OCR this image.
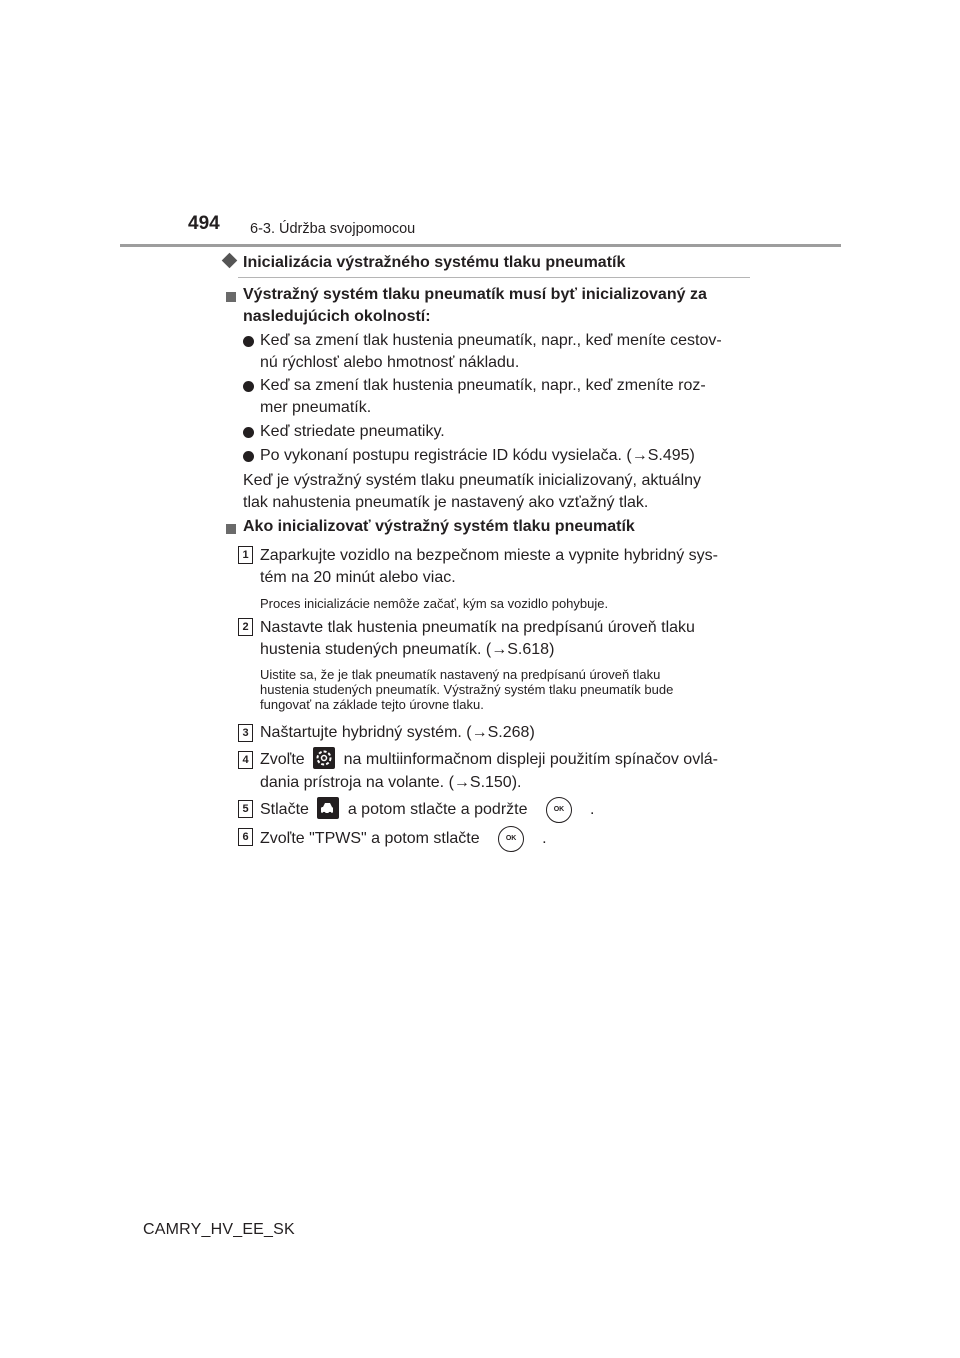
494 6-3. Údržba svojpomocou
Inicializácia výstražného systému tlaku pneumatík
Výstražný systém tlaku pneumatík musí byť inicializovaný za
nasledujúcich okolností:
Keď sa zmení tlak hustenia pneumatík, napr., keď meníte cestov-
nú rýchlosť alebo hmotnosť nákladu.
Keď sa zmení tlak hustenia pneumatík, napr., keď zmeníte roz-
mer pneumatík.
Keď striedate pneumatiky.
Po vykonaní postupu registrácie ID kódu vysielača. (→S.495)
Keď je výstražný systém tlaku pneumatík inicializovaný, aktuálny
tlak nahustenia pneumatík je nastavený ako vzťažný tlak.
Ako inicializovať výstražný systém tlaku pneumatík
1 Zaparkujte vozidlo na bezpečnom mieste a vypnite hybridný sys-
tém na 20 minút alebo viac.
Proces inicializácie nemôže začať, kým sa vozidlo pohybuje.
2 Nastavte tlak hustenia pneumatík na predpísanú úroveň tlaku
hustenia studených pneumatík. (→S.618)
Uistite sa, že je tlak pneumatík nastavený na predpísanú úroveň tlaku
hustenia studených pneumatík. Výstražný systém tlaku pneumatík bude
fungovať na základe tejto úrovne tlaku.
3 Naštartujte hybridný systém. (→S.268)
4 Zvoľte na multiinformačnom displeji použitím spínačov ovlá-
dania prístroja na volante. (→S.150).
5 Stlačte a potom stlačte a podržte	OK .
6 Zvoľte "TPWS" a potom stlačte	OK .
CAMRY_HV_EE_SK
